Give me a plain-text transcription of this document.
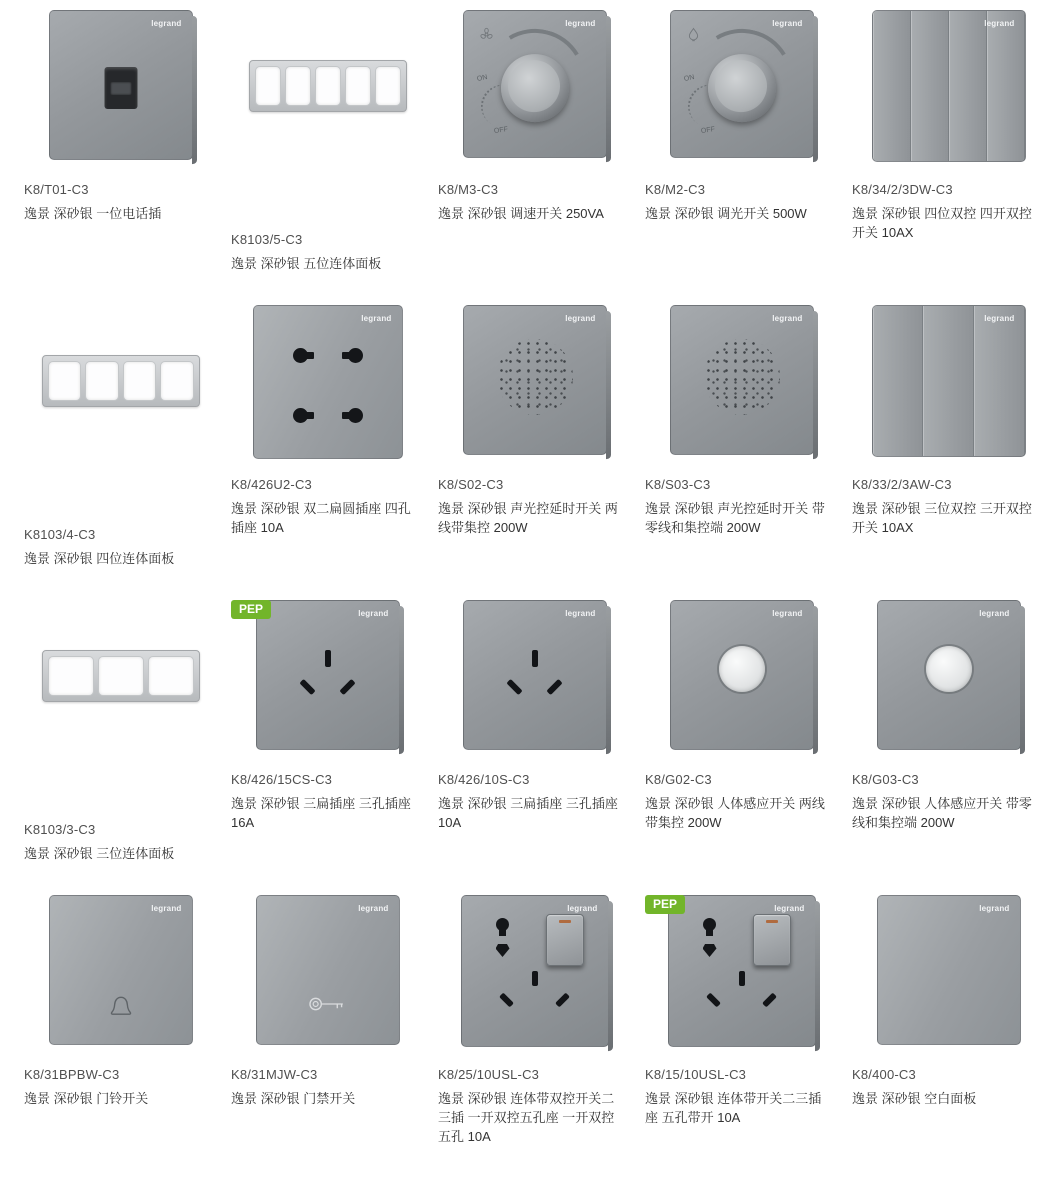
legrand
K8/T01-C3
逸景 深砂银 一位电话插
K8103/5-C3
逸景 深砂银 五位连体面板
legrand
ON
OFF
K8/M3-C3
逸景 深砂银 调速开关 250VA
legrand
ON
OFF
K8/M2-C3
逸景 深砂银 调光开关 500W
legrand
K8/34/2/3DW-C3
逸景 深砂银 四位双控 四开双控开关 10AX
K8103/4-C3
逸景 深砂银 四位连体面板
legrand
K8/426U2-C3
逸景 深砂银 双二扁圆插座 四孔插座 10A
legrand
K8/S02-C3
逸景 深砂银 声光控延时开关 两线带集控 200W
legrand
K8/S03-C3
逸景 深砂银 声光控延时开关 带零线和集控端 200W
legrand
K8/33/2/3AW-C3
逸景 深砂银 三位双控 三开双控开关 10AX
K8103/3-C3
逸景 深砂银 三位连体面板
PEP	legrand
K8/426/15CS-C3
逸景 深砂银 三扁插座 三孔插座 16A
legrand
K8/426/10S-C3
逸景 深砂银 三扁插座 三孔插座 10A
legrand
K8/G02-C3
逸景 深砂银 人体感应开关 两线带集控 200W
legrand
K8/G03-C3
逸景 深砂银 人体感应开关 带零线和集控端 200W
legrand
K8/31BPBW-C3
逸景 深砂银 门铃开关
legrand
K8/31MJW-C3
逸景 深砂银 门禁开关
legrand
K8/25/10USL-C3
逸景 深砂银 连体带双控开关二三插 一开双控五孔座 一开双控五孔 10A
PEP	legrand
K8/15/10USL-C3
逸景 深砂银 连体带开关二三插座 五孔带开 10A
legrand
K8/400-C3
逸景 深砂银 空白面板
